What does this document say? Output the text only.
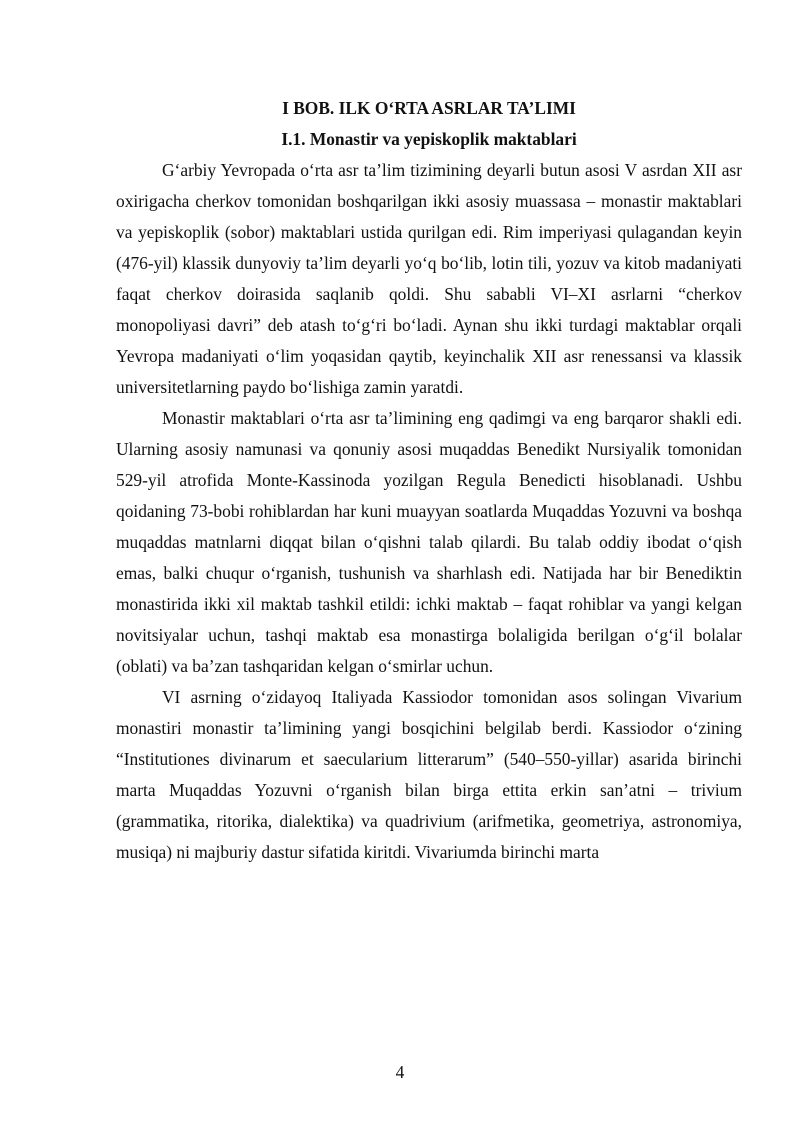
I BOB. ILK O‘RTA ASRLAR TA’LIMI

I.1. Monastir va yepiskoplik maktablari

G‘arbiy Yevropada o‘rta asr ta’lim tizimining deyarli butun asosi V asrdan XII asr oxirigacha cherkov tomonidan boshqarilgan ikki asosiy muassasa – monastir maktablari va yepiskoplik (sobor) maktablari ustida qurilgan edi. Rim imperiyasi qulagandan keyin (476-yil) klassik dunyoviy ta’lim deyarli yo‘q bo‘lib, lotin tili, yozuv va kitob madaniyati faqat cherkov doirasida saqlanib qoldi. Shu sababli VI–XI asrlarni “cherkov monopoliyasi davri” deb atash to‘g‘ri bo‘ladi. Aynan shu ikki turdagi maktablar orqali Yevropa madaniyati o‘lim yoqasidan qaytib, keyinchalik XII asr renessansi va klassik universitetlarning paydo bo‘lishiga zamin yaratdi.

Monastir maktablari o‘rta asr ta’limining eng qadimgi va eng barqaror shakli edi. Ularning asosiy namunasi va qonuniy asosi muqaddas Benedikt Nursiyalik tomonidan 529-yil atrofida Monte-Kassinoda yozilgan Regula Benedicti hisoblanadi. Ushbu qoidaning 73-bobi rohiblardan har kuni muayyan soatlarda Muqaddas Yozuvni va boshqa muqaddas matnlarni diqqat bilan o‘qishni talab qilardi. Bu talab oddiy ibodat o‘qish emas, balki chuqur o‘rganish, tushunish va sharhlash edi. Natijada har bir Benediktin monastirida ikki xil maktab tashkil etildi: ichki maktab – faqat rohiblar va yangi kelgan novitsiyalar uchun, tashqi maktab esa monastirga bolaligida berilgan o‘g‘il bolalar (oblati) va ba’zan tashqaridan kelgan o‘smirlar uchun.

VI asrning o‘zidayoq Italiyada Kassiodor tomonidan asos solingan Vivarium monastiri monastir ta’limining yangi bosqichini belgilab berdi. Kassiodor o‘zining “Institutiones divinarum et saecularium litterarum” (540–550-yillar) asarida birinchi marta Muqaddas Yozuvni o‘rganish bilan birga ettita erkin san’atni – trivium (grammatika, ritorika, dialektika) va quadrivium (arifmetika, geometriya, astronomiya, musiqa) ni majburiy dastur sifatida kiritdi. Vivariumda birinchi marta

4
